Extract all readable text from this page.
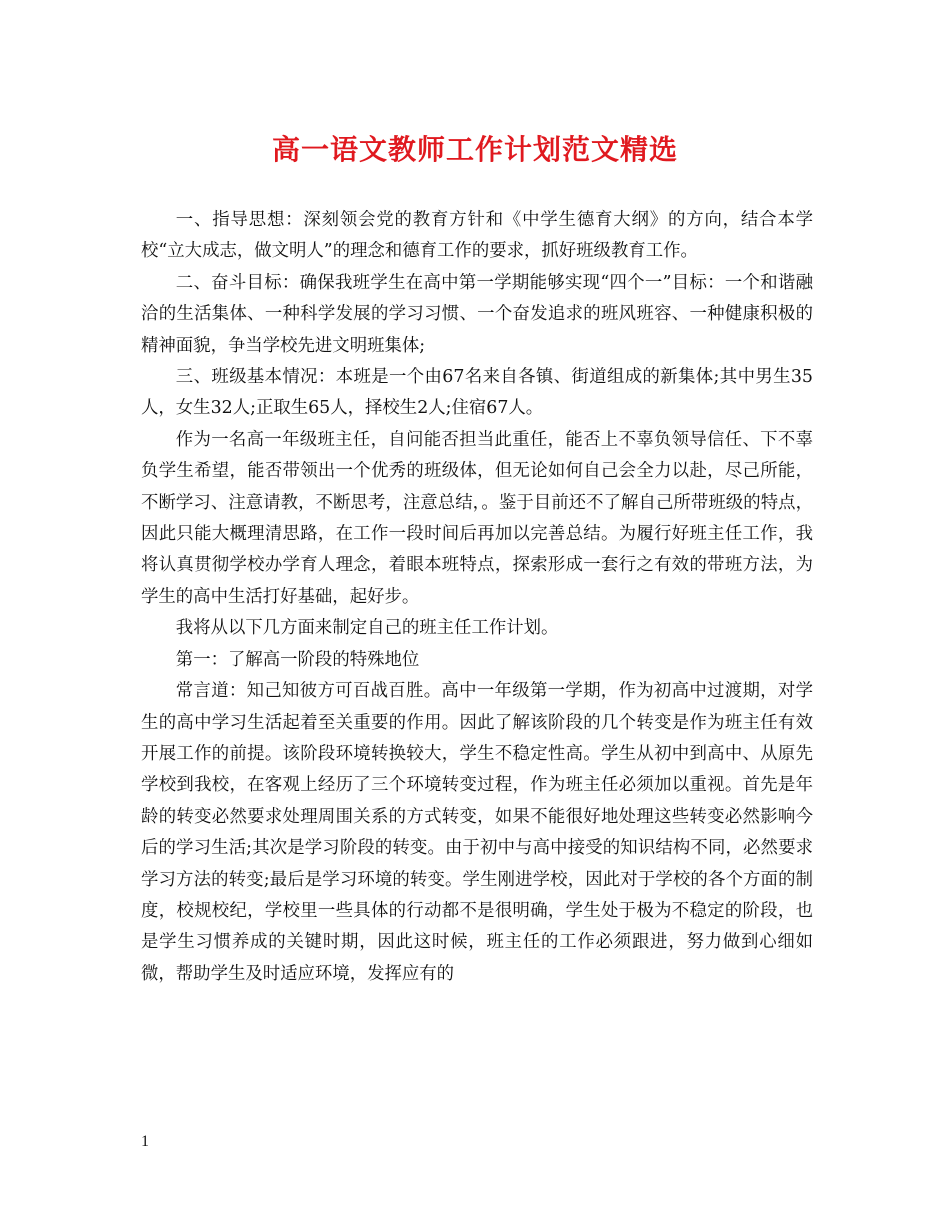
高一语文教师工作计划范文精选

一、指导思想：深刻领会党的教育方针和《中学生德育大纲》的方向，结合本学校“立大成志，做文明人”的理念和德育工作的要求，抓好班级教育工作。

二、奋斗目标：确保我班学生在高中第一学期能够实现“四个一”目标：一个和谐融洽的生活集体、一种科学发展的学习习惯、一个奋发追求的班风班容、一种健康积极的精神面貌，争当学校先进文明班集体;

三、班级基本情况：本班是一个由67名来自各镇、街道组成的新集体;其中男生35人，女生32人;正取生65人，择校生2人;住宿67人。

作为一名高一年级班主任，自问能否担当此重任，能否上不辜负领导信任、下不辜负学生希望，能否带领出一个优秀的班级体，但无论如何自己会全力以赴，尽己所能，不断学习、注意请教，不断思考，注意总结，。鉴于目前还不了解自己所带班级的特点，因此只能大概理清思路，在工作一段时间后再加以完善总结。为履行好班主任工作，我将认真贯彻学校办学育人理念，着眼本班特点，探索形成一套行之有效的带班方法，为学生的高中生活打好基础，起好步。

我将从以下几方面来制定自己的班主任工作计划。

第一：了解高一阶段的特殊地位

常言道：知己知彼方可百战百胜。高中一年级第一学期，作为初高中过渡期，对学生的高中学习生活起着至关重要的作用。因此了解该阶段的几个转变是作为班主任有效开展工作的前提。该阶段环境转换较大，学生不稳定性高。学生从初中到高中、从原先学校到我校，在客观上经历了三个环境转变过程，作为班主任必须加以重视。首先是年龄的转变必然要求处理周围关系的方式转变，如果不能很好地处理这些转变必然影响今后的学习生活;其次是学习阶段的转变。由于初中与高中接受的知识结构不同，必然要求学习方法的转变;最后是学习环境的转变。学生刚进学校，因此对于学校的各个方面的制度，校规校纪，学校里一些具体的行动都不是很明确，学生处于极为不稳定的阶段，也是学生习惯养成的关键时期，因此这时候，班主任的工作必须跟进，努力做到心细如微，帮助学生及时适应环境，发挥应有的

1
